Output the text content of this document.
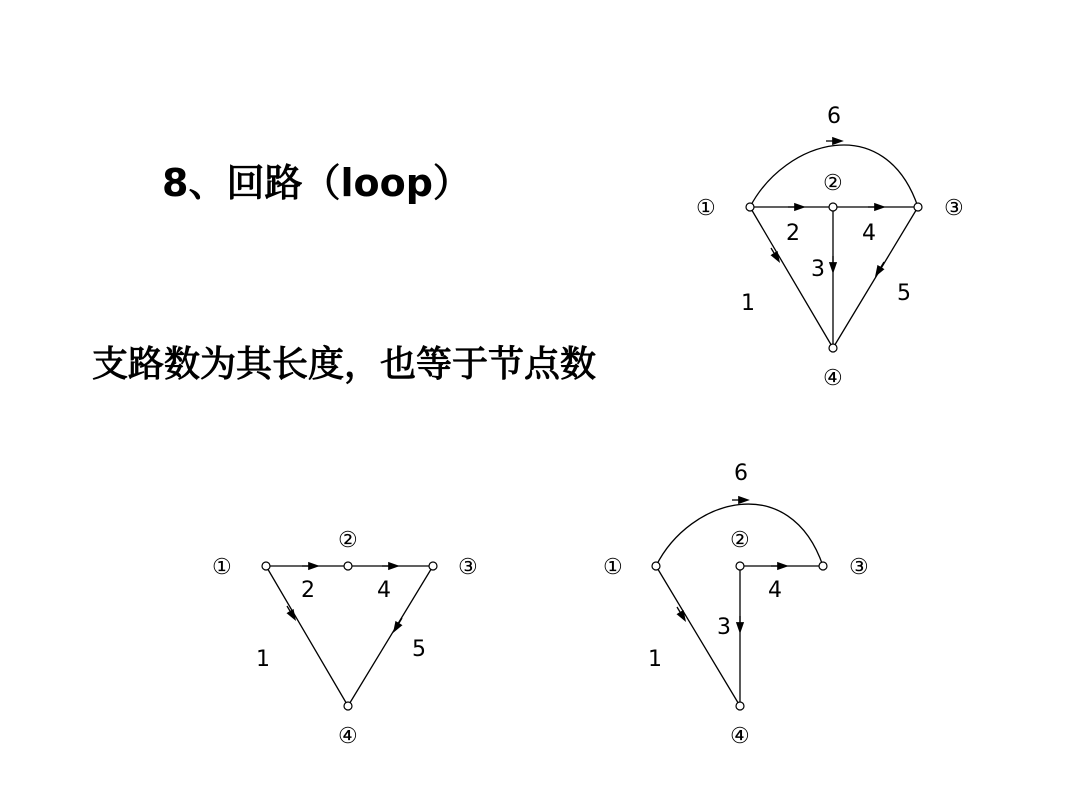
8、回路（loop）
支路数为其长度，也等于节点数
①
②
③
④
6
2	4
3
1	5
①
②
③
④
2	4
1	5
①
②
③
④
6
4
3
1
